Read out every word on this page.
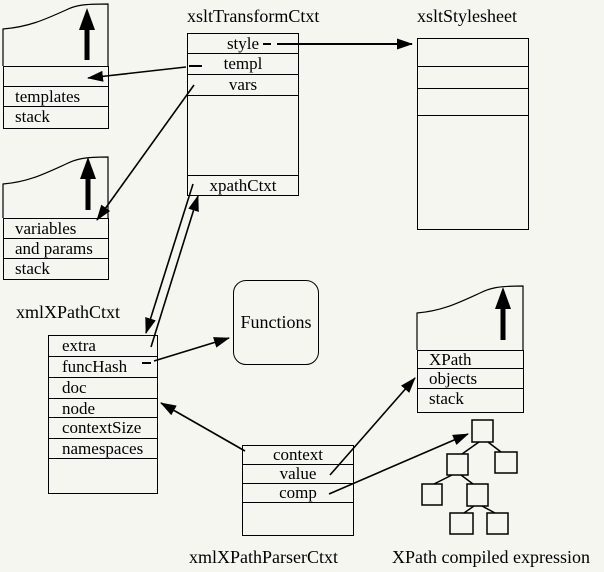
xsltTransformCtxt	xsltStylesheet
xmlXPathCtxt
xmlXPathParserCtxt	XPath compiled expression
style
templ
vars
xpathCtxt
templates
stack
variables
and params
stack
extra
funcHash
doc
node
contextSize
namespaces
Functions
XPath
objects
stack
context
value
comp
